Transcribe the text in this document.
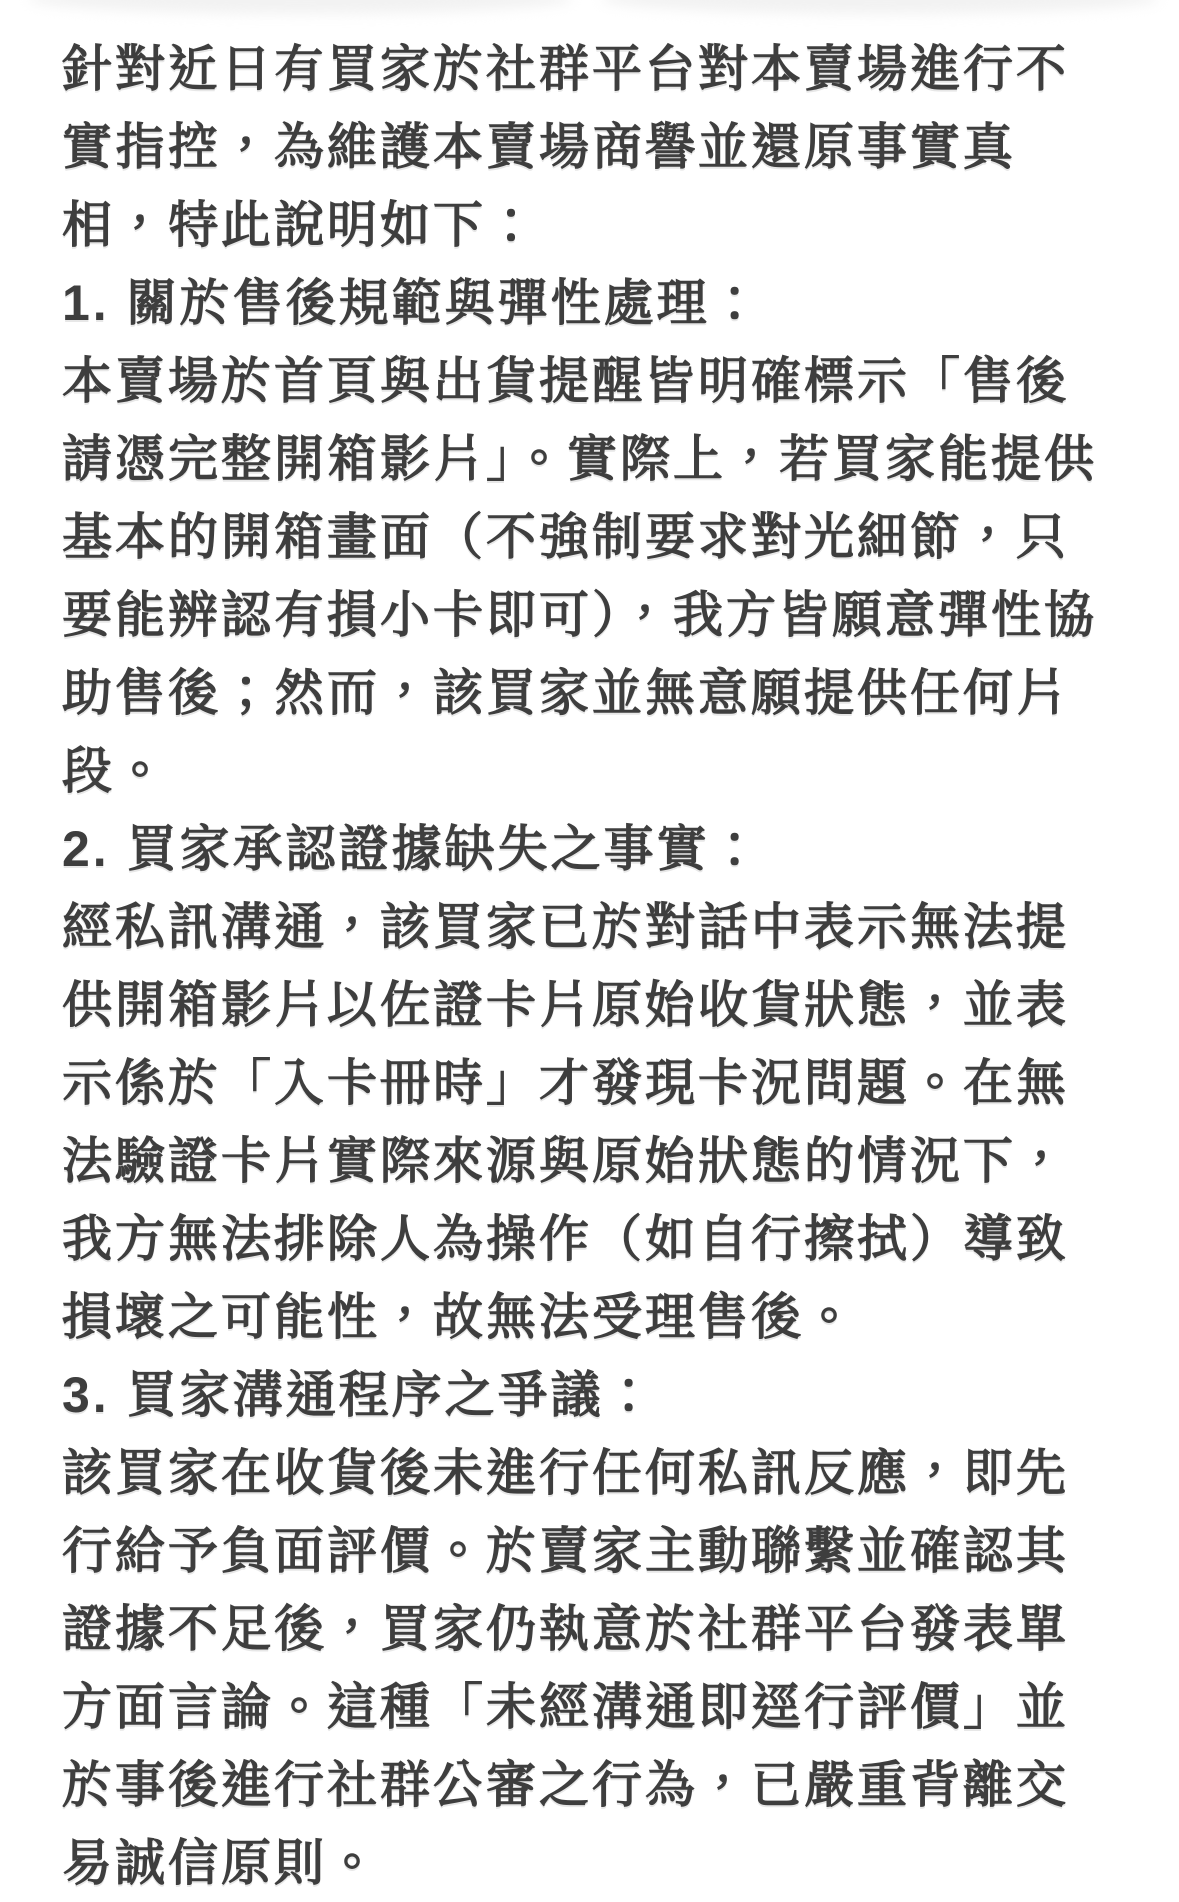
針對近日有買家於社群平台對本賣場進行不實指控，為維護本賣場商譽並還原事實真相，特此說明如下：

1. 關於售後規範與彈性處理：

本賣場於首頁與出貨提醒皆明確標示「售後請憑完整開箱影片」。實際上，若買家能提供基本的開箱畫面（不強制要求對光細節，只要能辨認有損小卡即可），我方皆願意彈性協助售後；然而，該買家並無意願提供任何片段。

2. 買家承認證據缺失之事實：

經私訊溝通，該買家已於對話中表示無法提供開箱影片以佐證卡片原始收貨狀態，並表示係於「入卡冊時」才發現卡況問題。在無法驗證卡片實際來源與原始狀態的情況下，我方無法排除人為操作（如自行擦拭）導致損壞之可能性，故無法受理售後。

3. 買家溝通程序之爭議：

該買家在收貨後未進行任何私訊反應，即先行給予負面評價。於賣家主動聯繫並確認其證據不足後，買家仍執意於社群平台發表單方面言論。這種「未經溝通即逕行評價」並於事後進行社群公審之行為，已嚴重背離交易誠信原則。
